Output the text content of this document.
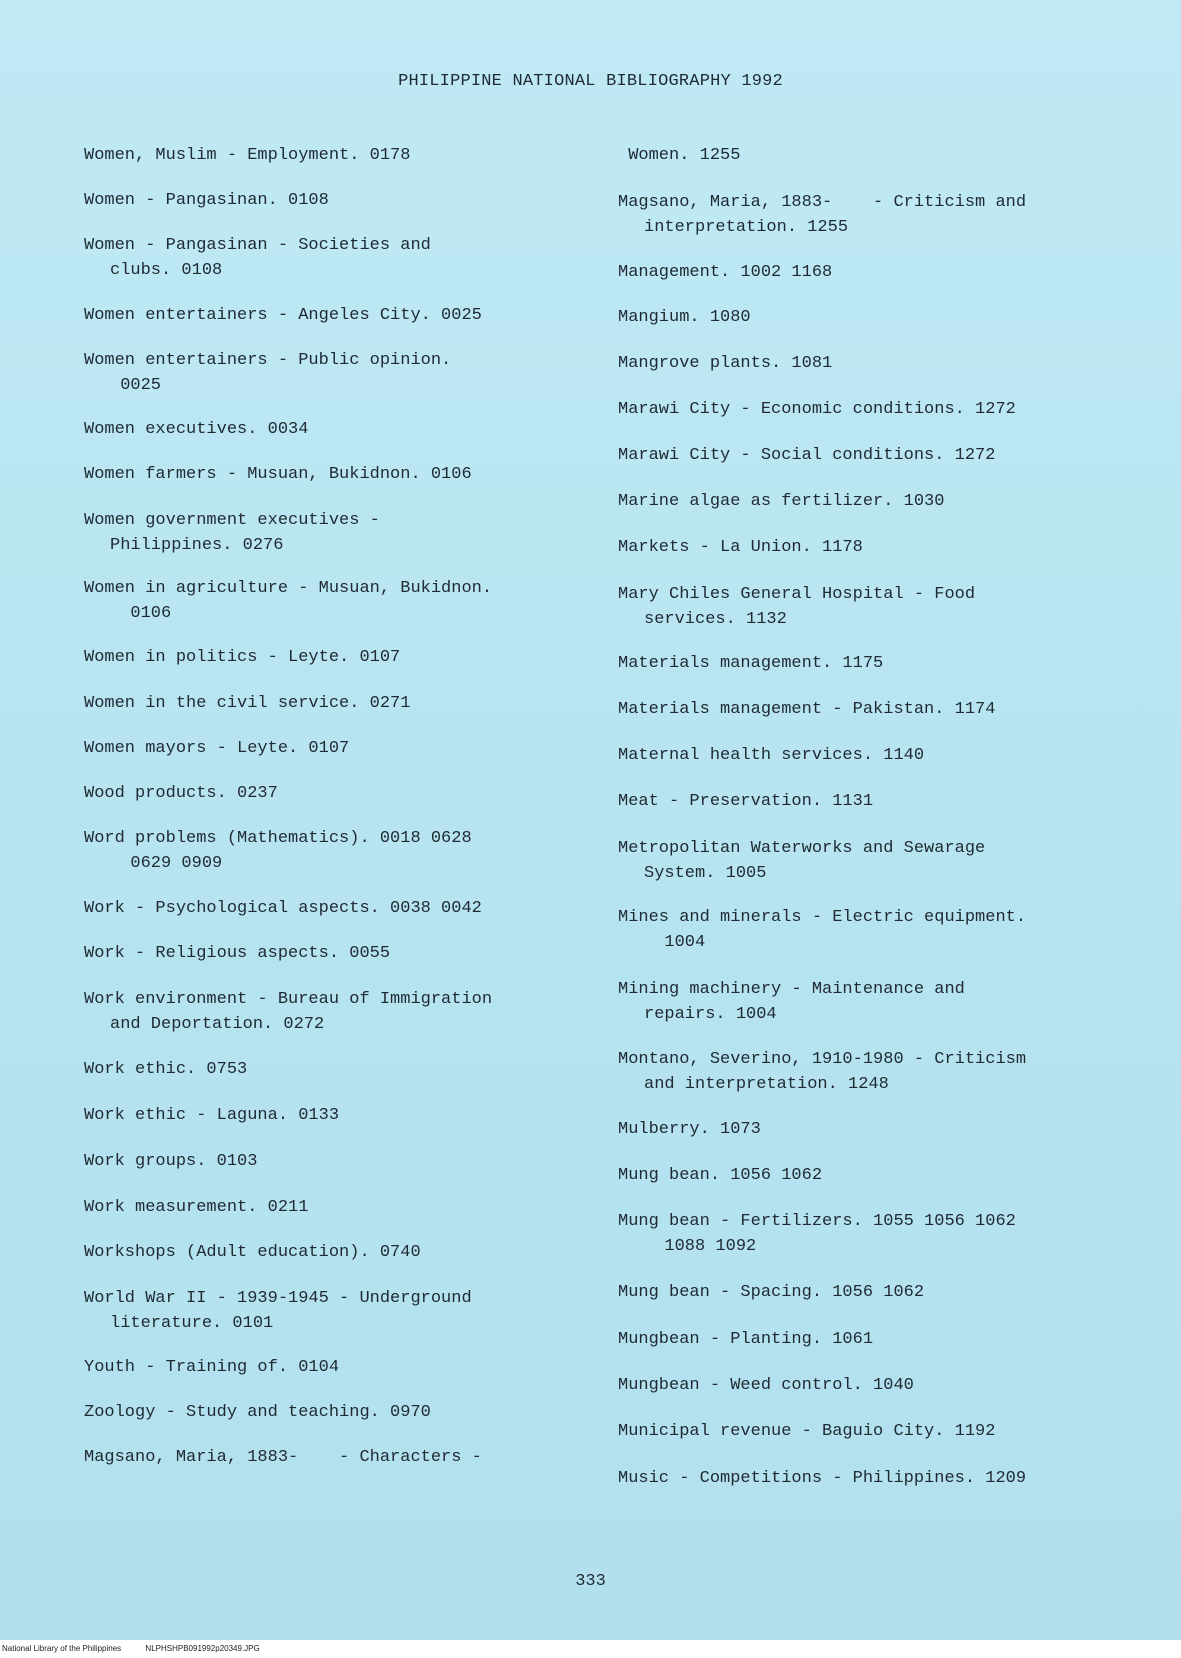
PHILIPPINE NATIONAL BIBLIOGRAPHY 1992
Women, Muslim - Employment. 0178
Women - Pangasinan. 0108
Women - Pangasinan - Societies and
clubs. 0108
Women entertainers - Angeles City. 0025
Women entertainers - Public opinion.
0025
Women executives. 0034
Women farmers - Musuan, Bukidnon. 0106
Women government executives -
Philippines. 0276
Women in agriculture - Musuan, Bukidnon.
0106
Women in politics - Leyte. 0107
Women in the civil service. 0271
Women mayors - Leyte. 0107
Wood products. 0237
Word problems (Mathematics). 0018 0628
0629 0909
Work - Psychological aspects. 0038 0042
Work - Religious aspects. 0055
Work environment - Bureau of Immigration
and Deportation. 0272
Work ethic. 0753
Work ethic - Laguna. 0133
Work groups. 0103
Work measurement. 0211
Workshops (Adult education). 0740
World War II - 1939-1945 - Underground
literature. 0101
Youth - Training of. 0104
Zoology - Study and teaching. 0970
Magsano, Maria, 1883-    - Characters -
Women. 1255
Magsano, Maria, 1883-    - Criticism and
interpretation. 1255
Management. 1002 1168
Mangium. 1080
Mangrove plants. 1081
Marawi City - Economic conditions. 1272
Marawi City - Social conditions. 1272
Marine algae as fertilizer. 1030
Markets - La Union. 1178
Mary Chiles General Hospital - Food
services. 1132
Materials management. 1175
Materials management - Pakistan. 1174
Maternal health services. 1140
Meat - Preservation. 1131
Metropolitan Waterworks and Sewarage
System. 1005
Mines and minerals - Electric equipment.
1004
Mining machinery - Maintenance and
repairs. 1004
Montano, Severino, 1910-1980 - Criticism
and interpretation. 1248
Mulberry. 1073
Mung bean. 1056 1062
Mung bean - Fertilizers. 1055 1056 1062
1088 1092
Mung bean - Spacing. 1056 1062
Mungbean - Planting. 1061
Mungbean - Weed control. 1040
Municipal revenue - Baguio City. 1192
Music - Competitions - Philippines. 1209
333
National Library of the Philippines	NLPHSHPB091992p20349.JPG
